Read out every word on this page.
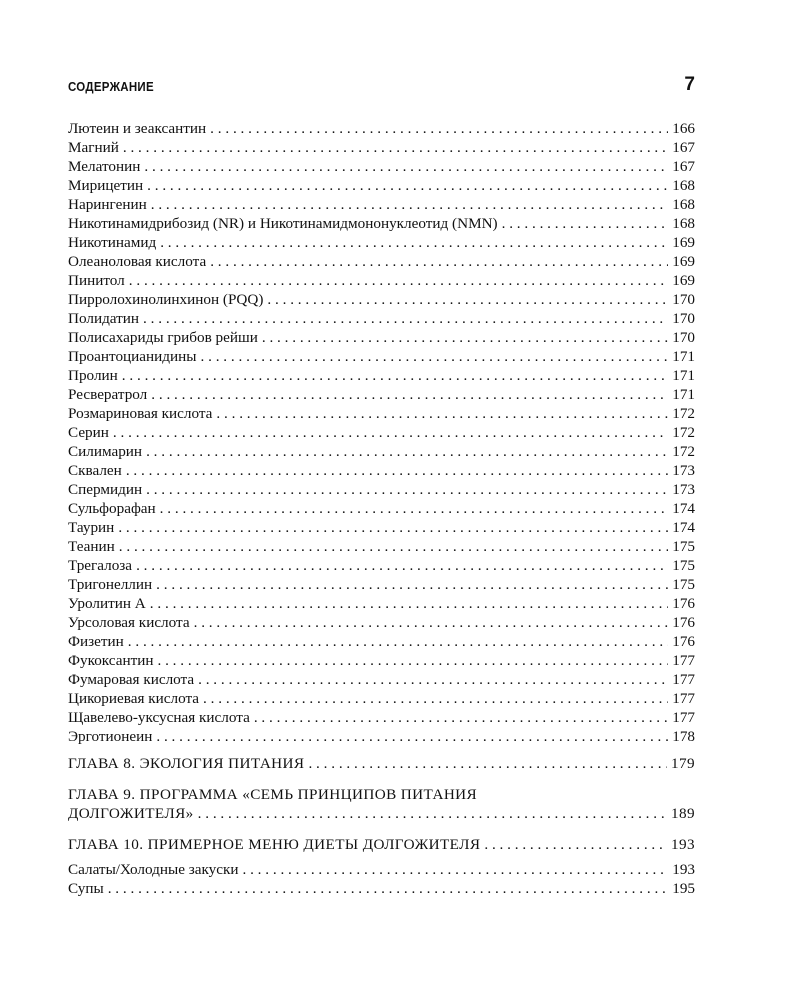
СОДЕРЖАНИЕ	7
Лютеин и зеаксантин . . .	166
Магний . . .	167
Мелатонин . . .	167
Мирицетин . . .	168
Нарингенин . . .	168
Никотинамидрибозид (NR) и Никотинамидмононуклеотид (NMN) . . .	168
Никотинамид . . .	169
Олеаноловая кислота . . .	169
Пинитол . . .	169
Пирролохинолинхинон (PQQ) . . .	170
Полидатин . . .	170
Полисахариды грибов рейши . . .	170
Проантоцианидины . . .	171
Пролин . . .	171
Ресвератрол . . .	171
Розмариновая кислота . . .	172
Серин . . .	172
Силимарин . . .	172
Сквален . . .	173
Спермидин . . .	173
Сульфорафан . . .	174
Таурин . . .	174
Теанин . . .	175
Трегалоза . . .	175
Тригонеллин . . .	175
Уролитин А . . .	176
Урсоловая кислота . . .	176
Физетин . . .	176
Фукоксантин . . .	177
Фумаровая кислота . . .	177
Цикориевая кислота . . .	177
Щавелево-уксусная кислота . . .	177
Эрготионеин . . .	178
ГЛАВА 8. ЭКОЛОГИЯ ПИТАНИЯ . . .	179
ГЛАВА 9. ПРОГРАММА «СЕМЬ ПРИНЦИПОВ ПИТАНИЯ
ДОЛГОЖИТЕЛЯ» . . .	189
ГЛАВА 10. ПРИМЕРНОЕ МЕНЮ ДИЕТЫ ДОЛГОЖИТЕЛЯ . . .	193
Салаты/Холодные закуски . . .	193
Супы . . .	195
